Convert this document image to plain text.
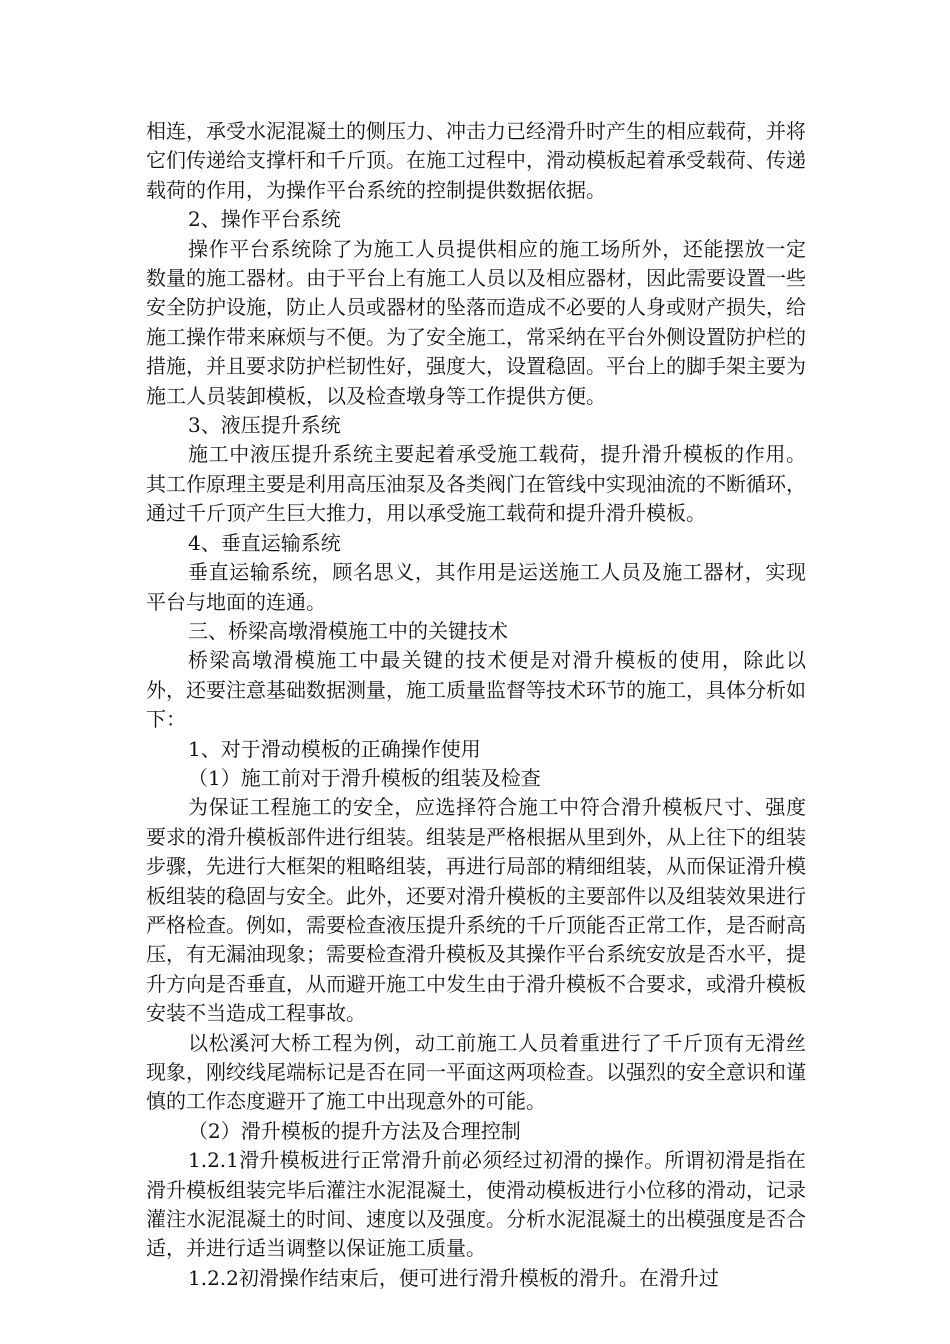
相连，承受水泥混凝土的侧压力、冲击力已经滑升时产生的相应载荷，并将它们传递给支撑杆和千斤顶。在施工过程中，滑动模板起着承受载荷、传递载荷的作用，为操作平台系统的控制提供数据依据。

2、操作平台系统

操作平台系统除了为施工人员提供相应的施工场所外，还能摆放一定数量的施工器材。由于平台上有施工人员以及相应器材，因此需要设置一些安全防护设施，防止人员或器材的坠落而造成不必要的人身或财产损失，给施工操作带来麻烦与不便。为了安全施工，常采纳在平台外侧设置防护栏的措施，并且要求防护栏韧性好，强度大，设置稳固。平台上的脚手架主要为施工人员装卸模板，以及检查墩身等工作提供方便。

3、液压提升系统

施工中液压提升系统主要起着承受施工载荷，提升滑升模板的作用。其工作原理主要是利用高压油泵及各类阀门在管线中实现油流的不断循环，通过千斤顶产生巨大推力，用以承受施工载荷和提升滑升模板。

4、垂直运输系统

垂直运输系统，顾名思义，其作用是运送施工人员及施工器材，实现平台与地面的连通。

三、桥梁高墩滑模施工中的关键技术

桥梁高墩滑模施工中最关键的技术便是对滑升模板的使用，除此以外，还要注意基础数据测量，施工质量监督等技术环节的施工，具体分析如下：

1、对于滑动模板的正确操作使用

（1）施工前对于滑升模板的组装及检查

为保证工程施工的安全，应选择符合施工中符合滑升模板尺寸、强度要求的滑升模板部件进行组装。组装是严格根据从里到外，从上往下的组装步骤，先进行大框架的粗略组装，再进行局部的精细组装，从而保证滑升模板组装的稳固与安全。此外，还要对滑升模板的主要部件以及组装效果进行严格检查。例如，需要检查液压提升系统的千斤顶能否正常工作，是否耐高压，有无漏油现象；需要检查滑升模板及其操作平台系统安放是否水平，提升方向是否垂直，从而避开施工中发生由于滑升模板不合要求，或滑升模板安装不当造成工程事故。

以松溪河大桥工程为例，动工前施工人员着重进行了千斤顶有无滑丝现象，刚绞线尾端标记是否在同一平面这两项检查。以强烈的安全意识和谨慎的工作态度避开了施工中出现意外的可能。

（2）滑升模板的提升方法及合理控制

1.2.1滑升模板进行正常滑升前必须经过初滑的操作。所谓初滑是指在滑升模板组装完毕后灌注水泥混凝土，使滑动模板进行小位移的滑动，记录灌注水泥混凝土的时间、速度以及强度。分析水泥混凝土的出模强度是否合适，并进行适当调整以保证施工质量。

1.2.2初滑操作结束后，便可进行滑升模板的滑升。在滑升过
